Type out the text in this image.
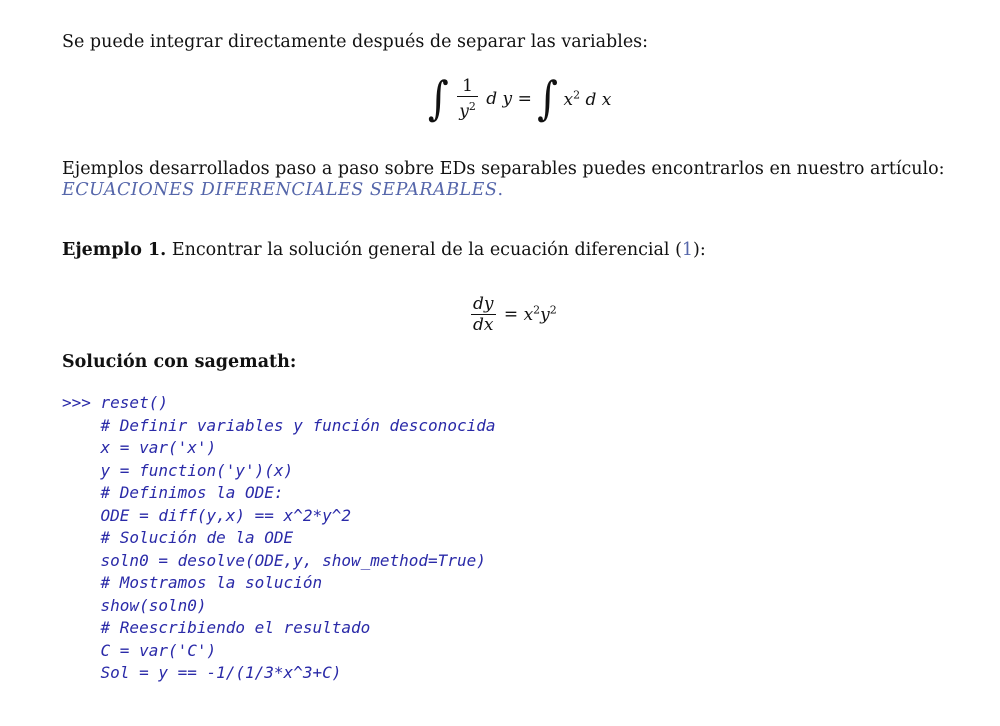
Se puede integrar directamente después de separar las variables:
∫ $\frac{1}{y^2}$ d y = ∫ $x^2$ d x
Ejemplos desarrollados paso a paso sobre EDs separables puedes encontrarlos en nuestro artículo:
ECUACIONES DIFERENCIALES SEPARABLES.
Ejemplo 1. Encontrar la solución general de la ecuación diferencial (1):
$\frac{dy}{dx} = x^2y^2$
Solución con sagemath:
>>> reset()
# Definir variables y función desconocida
x = var('x')
y = function('y')(x)
# Definimos la ODE:
ODE = diff(y,x) == x^2*y^2
# Solución de la ODE
soln0 = desolve(ODE,y, show_method=True)
# Mostramos la solución
show(soln0)
# Reescribiendo el resultado
C = var('C')
Sol = y == -1/(1/3*x^3+C)
